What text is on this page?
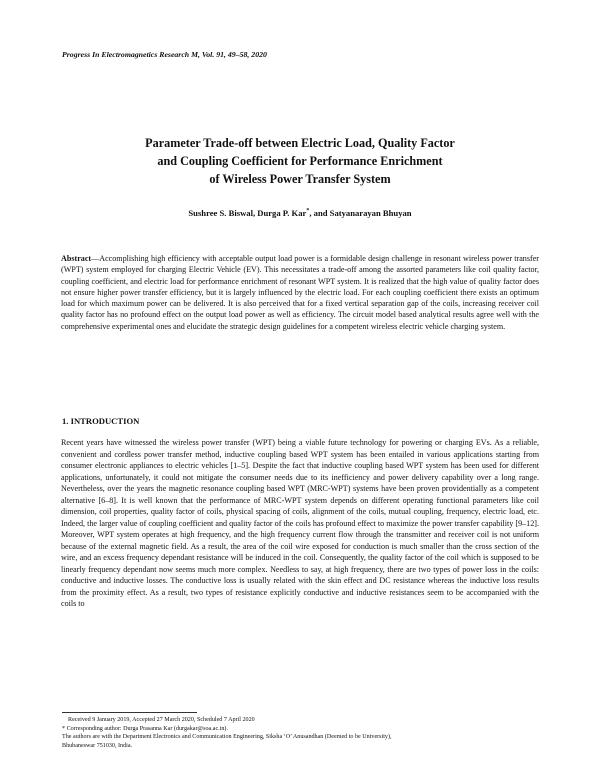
Progress In Electromagnetics Research M, Vol. 91, 49–58, 2020
Parameter Trade-off between Electric Load, Quality Factor
and Coupling Coefficient for Performance Enrichment
of Wireless Power Transfer System
Sushree S. Biswal, Durga P. Kar*, and Satyanarayan Bhuyan
Abstract—Accomplishing high efficiency with acceptable output load power is a formidable design challenge in resonant wireless power transfer (WPT) system employed for charging Electric Vehicle (EV). This necessitates a trade-off among the assorted parameters like coil quality factor, coupling coefficient, and electric load for performance enrichment of resonant WPT system. It is realized that the high value of quality factor does not ensure higher power transfer efficiency, but it is largely influenced by the electric load. For each coupling coefficient there exists an optimum load for which maximum power can be delivered. It is also perceived that for a fixed vertical separation gap of the coils, increasing receiver coil quality factor has no profound effect on the output load power as well as efficiency. The circuit model based analytical results agree well with the comprehensive experimental ones and elucidate the strategic design guidelines for a competent wireless electric vehicle charging system.
1. INTRODUCTION
Recent years have witnessed the wireless power transfer (WPT) being a viable future technology for powering or charging EVs. As a reliable, convenient and cordless power transfer method, inductive coupling based WPT system has been entailed in various applications starting from consumer electronic appliances to electric vehicles [1–5]. Despite the fact that inductive coupling based WPT system has been used for different applications, unfortunately, it could not mitigate the consumer needs due to its inefficiency and power delivery capability over a long range. Nevertheless, over the years the magnetic resonance coupling based WPT (MRC-WPT) systems have been proven providentially as a competent alternative [6–8]. It is well known that the performance of MRC-WPT system depends on different operating functional parameters like coil dimension, coil properties, quality factor of coils, physical spacing of coils, alignment of the coils, mutual coupling, frequency, electric load, etc. Indeed, the larger value of coupling coefficient and quality factor of the coils has profound effect to maximize the power transfer capability [9–12]. Moreover, WPT system operates at high frequency, and the high frequency current flow through the transmitter and receiver coil is not uniform because of the external magnetic field. As a result, the area of the coil wire exposed for conduction is much smaller than the cross section of the wire, and an excess frequency dependant resistance will be induced in the coil. Consequently, the quality factor of the coil which is supposed to be linearly frequency dependant now seems much more complex. Needless to say, at high frequency, there are two types of power loss in the coils: conductive and inductive losses. The conductive loss is usually related with the skin effect and DC resistance whereas the inductive loss results from the proximity effect. As a result, two types of resistance explicitly conductive and inductive resistances seem to be accompanied with the coils to
Received 9 January 2019, Accepted 27 March 2020, Scheduled 7 April 2020
* Corresponding author: Durga Prasanna Kar (durgakar@soa.ac.in).
The authors are with the Department Electronics and Communication Engineering, Siksha ‘O’ Anusandhan (Deemed to be University),
Bhubaneswar 751030, India.
